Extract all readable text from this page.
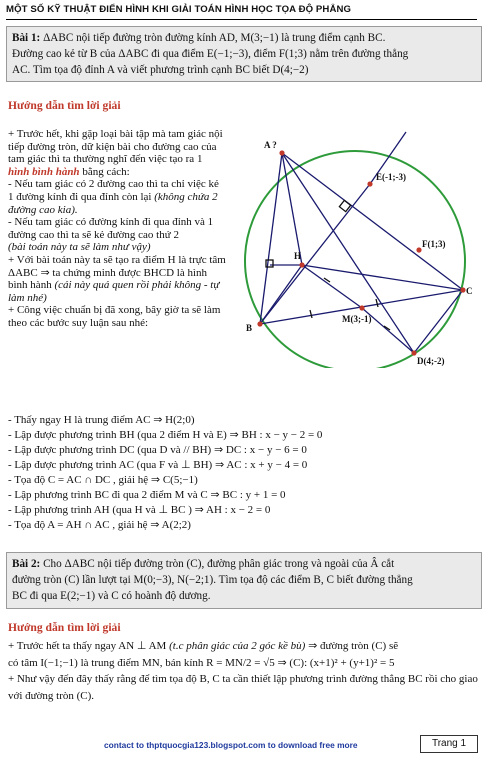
MỘT SỐ KỸ THUẬT ĐIỂN HÌNH KHI GIẢI TOÁN HÌNH HỌC TỌA ĐỘ PHẲNG
Bài 1: ΔABC nội tiếp đường tròn đường kính AD, M(3;−1) là trung điểm cạnh BC.
Đường cao kẻ từ B của ΔABC đi qua điểm E(−1;−3), điểm F(1;3) nằm trên đường thẳng
AC. Tìm tọa độ đỉnh A và viết phương trình cạnh BC biết D(4;−2)
Hướng dẫn tìm lời giải

+ Trước hết, khi gặp loại bài tập mà tam giác nội tiếp đường tròn, dữ kiện bài cho đường cao của tam giác thì ta thường nghĩ đến việc tạo ra 1 hình bình hành bằng cách:

- Nếu tam giác có 2 đường cao thì ta chỉ việc kẻ 1 đường kính đi qua đỉnh còn lại (không chứa 2 đường cao kia).

- Nếu tam giác có đường kính đi qua đỉnh và 1 đường cao thì ta sẽ kẻ đường cao thứ 2

(bài toán này ta sẽ làm như vậy)

+ Với bài toán này ta sẽ tạo ra điểm H là trực tâm ΔABC ⇒ ta chứng minh được BHCD là hình bình hành (cái này quá quen rồi phải không - tự làm nhé)

+ Công việc chuẩn bị đã xong, bây giờ ta sẽ làm theo các bước suy luận sau nhé:

A ?
E(-1;-3)
F(1;3)
H
C
B
M(3;-1)
D(4;-2)

- Thấy ngay H là trung điểm AC ⇒ H(2;0)

- Lập được phương trình BH (qua 2 điểm H và E) ⇒ BH : x − y − 2 = 0

- Lập được phương trình DC (qua D và // BH) ⇒ DC : x − y − 6 = 0

- Lập được phương trình AC (qua F và ⊥ BH) ⇒ AC : x + y − 4 = 0

- Tọa độ C = AC ∩ DC , giải hệ ⇒ C(5;−1)

- Lập phương trình BC đi qua 2 điểm M và C ⇒ BC : y + 1 = 0

- Lập phương trình AH (qua H và ⊥ BC ) ⇒ AH : x − 2 = 0

- Tọa độ A = AH ∩ AC , giải hệ ⇒ A(2;2)

Bài 2: Cho ΔABC nội tiếp đường tròn (C), đường phân giác trong và ngoài của Â cắt
đường tròn (C) lần lượt tại M(0;−3), N(−2;1). Tìm tọa độ các điểm B, C biết đường thẳng
BC đi qua E(2;−1) và C có hoành độ dương.
Hướng dẫn tìm lời giải

+ Trước hết ta thấy ngay AN ⊥ AM (t.c phân giác của 2 góc kề bù) ⇒ đường tròn (C) sẽ

có tâm I(−1;−1) là trung điểm MN, bán kính R = MN/2 = √5 ⇒ (C): (x+1)² + (y+1)² = 5

+ Như vậy đến đây thấy rằng để tìm tọa độ B, C ta cần thiết lập phương trình đường thẳng BC rồi cho giao với đường tròn (C).

contact to thptquocgia123.blogspot.com to download free more	Trang 1
